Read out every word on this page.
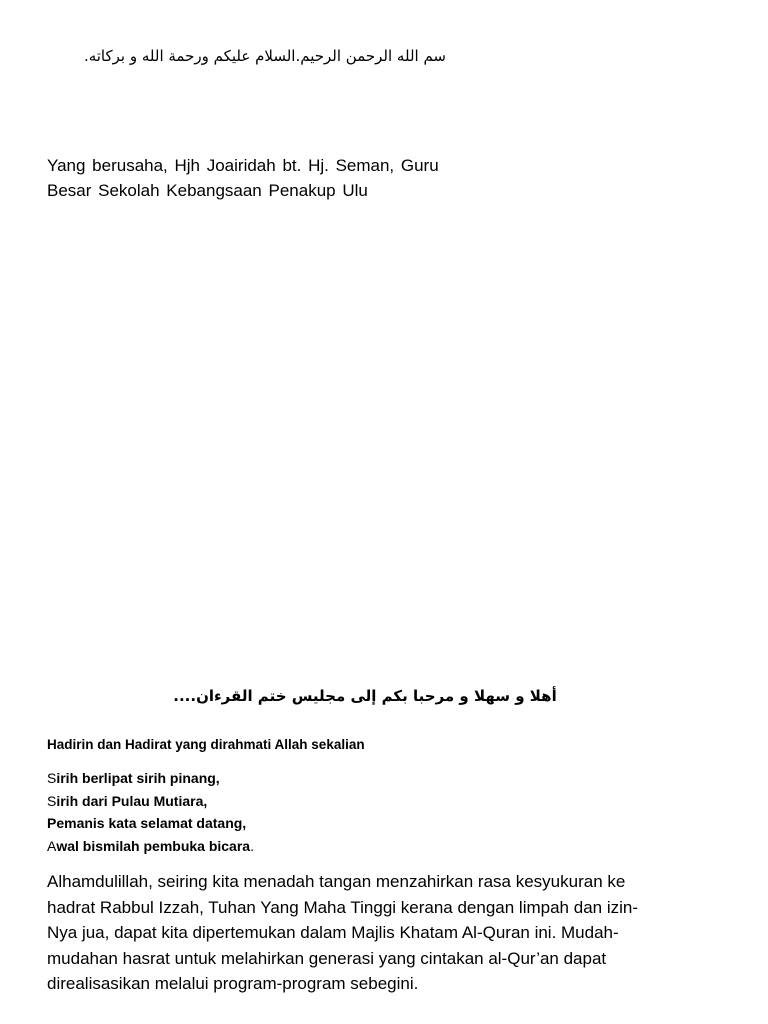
سم الله الرحمن الرحيم.السلام عليكم ورحمة الله و بركاته.
Yang berusaha, Hjh Joairidah bt. Hj. Seman, Guru
Besar Sekolah Kebangsaan Penakup Ulu
أهلا و سهلا و مرحبا بكم إلى مجليس ختم القرءان....
Hadirin dan Hadirat yang dirahmati Allah sekalian
Sirih berlipat sirih pinang,
Sirih dari Pulau Mutiara,
Pemanis kata selamat datang,
Awal bismilah pembuka bicara.
Alhamdulillah, seiring kita menadah tangan menzahirkan rasa kesyukuran ke
hadrat Rabbul Izzah, Tuhan Yang Maha Tinggi kerana dengan limpah dan izin-
Nya jua, dapat kita dipertemukan dalam Majlis Khatam Al-Quran ini. Mudah-
mudahan hasrat untuk melahirkan generasi yang cintakan al-Qur’an dapat
direalisasikan melalui program-program sebegini.
